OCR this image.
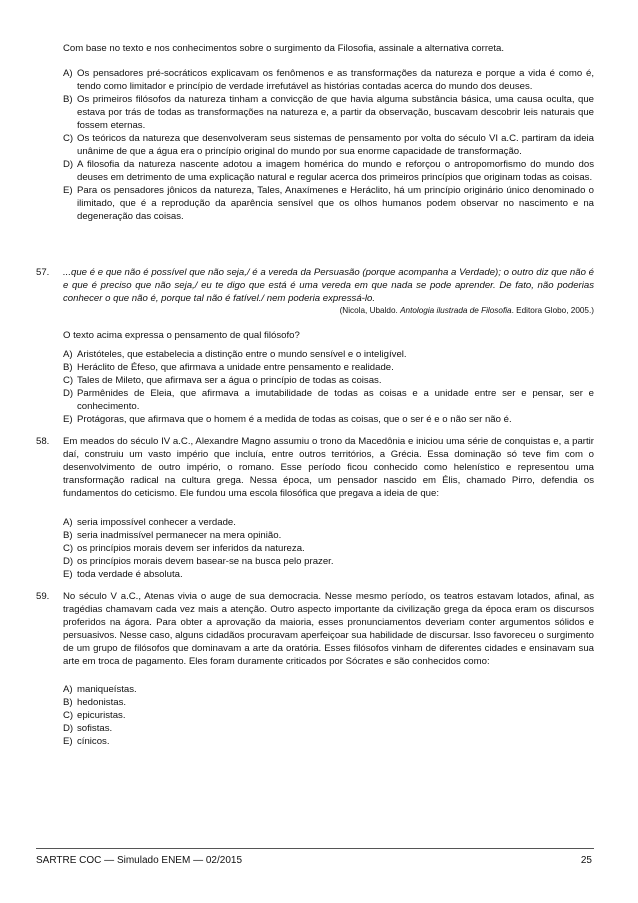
Com base no texto e nos conhecimentos sobre o surgimento da Filosofia, assinale a alternativa correta.
A) Os pensadores pré-socráticos explicavam os fenômenos e as transformações da natureza e porque a vida é como é, tendo como limitador e princípio de verdade irrefutável as histórias contadas acerca do mundo dos deuses.
B) Os primeiros filósofos da natureza tinham a convicção de que havia alguma substância básica, uma causa oculta, que estava por trás de todas as transformações na natureza e, a partir da observação, buscavam descobrir leis naturais que fossem eternas.
C) Os teóricos da natureza que desenvolveram seus sistemas de pensamento por volta do século VI a.C. partiram da ideia unânime de que a água era o princípio original do mundo por sua enorme capacidade de transformação.
D) A filosofia da natureza nascente adotou a imagem homérica do mundo e reforçou o antropomorfismo do mundo dos deuses em detrimento de uma explicação natural e regular acerca dos primeiros princípios que originam todas as coisas.
E) Para os pensadores jônicos da natureza, Tales, Anaxímenes e Heráclito, há um princípio originário único denominado o ilimitado, que é a reprodução da aparência sensível que os olhos humanos podem observar no nascimento e na degeneração das coisas.
57. ...que é e que não é possível que não seja,/ é a vereda da Persuasão (porque acompanha a Verdade); o outro diz que não é e que é preciso que não seja,/ eu te digo que está é uma vereda em que nada se pode aprender. De fato, não poderias conhecer o que não é, porque tal não é fatível./ nem poderia expressá-lo.
(Nicola, Ubaldo. Antologia ilustrada de Filosofia. Editora Globo, 2005.)
O texto acima expressa o pensamento de qual filósofo?
A) Aristóteles, que estabelecia a distinção entre o mundo sensível e o inteligível.
B) Heráclito de Éfeso, que afirmava a unidade entre pensamento e realidade.
C) Tales de Mileto, que afirmava ser a água o princípio de todas as coisas.
D) Parmênides de Eleia, que afirmava a imutabilidade de todas as coisas e a unidade entre ser e pensar, ser e conhecimento.
E) Protágoras, que afirmava que o homem é a medida de todas as coisas, que o ser é e o não ser não é.
58. Em meados do século IV a.C., Alexandre Magno assumiu o trono da Macedônia e iniciou uma série de conquistas e, a partir daí, construiu um vasto império que incluía, entre outros territórios, a Grécia. Essa dominação só teve fim com o desenvolvimento de outro império, o romano. Esse período ficou conhecido como helenístico e representou uma transformação radical na cultura grega. Nessa época, um pensador nascido em Élis, chamado Pirro, defendia os fundamentos do ceticismo. Ele fundou uma escola filosófica que pregava a ideia de que:
A) seria impossível conhecer a verdade.
B) seria inadmissível permanecer na mera opinião.
C) os princípios morais devem ser inferidos da natureza.
D) os princípios morais devem basear-se na busca pelo prazer.
E) toda verdade é absoluta.
59. No século V a.C., Atenas vivia o auge de sua democracia. Nesse mesmo período, os teatros estavam lotados, afinal, as tragédias chamavam cada vez mais a atenção. Outro aspecto importante da civilização grega da época eram os discursos proferidos na ágora. Para obter a aprovação da maioria, esses pronunciamentos deveriam conter argumentos sólidos e persuasivos. Nesse caso, alguns cidadãos procuravam aperfeiçoar sua habilidade de discursar. Isso favoreceu o surgimento de um grupo de filósofos que dominavam a arte da oratória. Esses filósofos vinham de diferentes cidades e ensinavam sua arte em troca de pagamento. Eles foram duramente criticados por Sócrates e são conhecidos como:
A) maniqueístas.
B) hedonistas.
C) epicuristas.
D) sofistas.
E) cínicos.
SARTRE COC — Simulado ENEM — 02/2015	25
